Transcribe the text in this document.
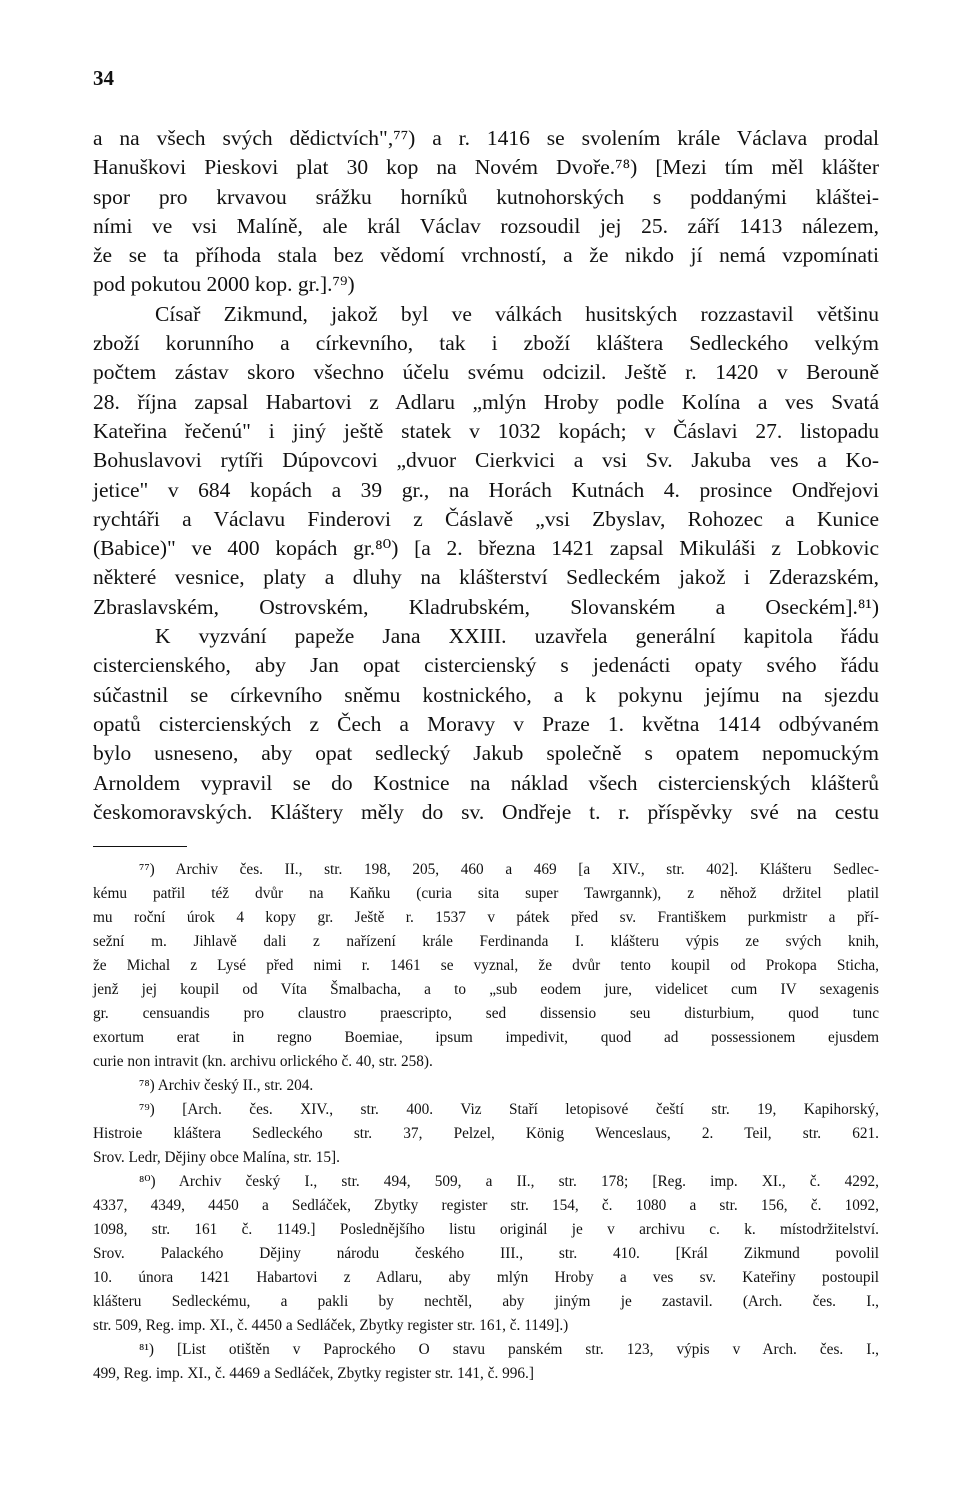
34
a na všech svých dědictvích",⁷⁷) a r. 1416 se svolením krále Václava prodal
Hanuškovi Pieskovi plat 30 kop na Novém Dvoře.⁷⁸) [Mezi tím měl klášter
spor pro krvavou srážku horníků kutnohorských s poddanými kláštei-
ními ve vsi Malíně, ale král Václav rozsoudil jej 25. září 1413 nálezem,
že se ta příhoda stala bez vědomí vrchností, a že nikdo jí nemá vzpomínati
pod pokutou 2000 kop. gr.].⁷⁹)
Císař Zikmund, jakož byl ve válkách husitských rozzastavil většinu
zboží korunního a církevního, tak i zboží kláštera Sedleckého velkým
počtem zástav skoro všechno účelu svému odcizil. Ještě r. 1420 v Berouně
28. října zapsal Habartovi z Adlaru „mlýn Hroby podle Kolína a ves Svatá
Kateřina řečenú" i jiný ještě statek v 1032 kopách; v Čáslavi 27. listopadu
Bohuslavovi rytíři Dúpovcovi „dvuor Cierkvici a vsi Sv. Jakuba ves a Ko-
jetice" v 684 kopách a 39 gr., na Horách Kutnách 4. prosince Ondřejovi
rychtáři a Václavu Finderovi z Čáslavě „vsi Zbyslav, Rohozec a Kunice
(Babice)" ve 400 kopách gr.⁸⁰) [a 2. března 1421 zapsal Mikuláši z Lobkovic
některé vesnice, platy a dluhy na klášterství Sedleckém jakož i Zderazském,
Zbraslavském, Ostrovském, Kladrubském, Slovanském a Oseckém].⁸¹)
K vyzvání papeže Jana XXIII. uzavřela generální kapitola řádu
cisterciensk​ého, aby Jan opat cisterciensk​ý s jedenácti opaty svého řádu
súčastnil se církevního sněmu kostnického, a k pokynu jejímu na sjezdu
opatů cisterciensk​ých z Čech a Moravy v Praze 1. května 1414 odbývaném
bylo usneseno, aby opat sedlecký Jakub společně s opatem nepomuckým
Arnoldem vypravil se do Kostnice na náklad všech cisterciensk​ých klášterů
českomoravských. Kláštery měly do sv. Ondřeje t. r. příspěvky své na cestu
⁷⁷) Archiv čes. II., str. 198, 205, 460 a 469 [a XIV., str. 402]. Klášteru Sedlec-
kému patřil též dvůr na Kaňku (curia sita super Tawrgannk), z něhož držitel platil
mu roční úrok 4 kopy gr. Ještě r. 1537 v pátek před sv. Františkem purkmistr a pří-
sežní m. Jihlavě dali z nařízení krále Ferdinanda I. klášteru výpis ze svých knih,
že Michal z Lysé před nimi r. 1461 se vyznal, že dvůr tento koupil od Prokopa Sticha,
jenž jej koupil od Víta Šmalbacha, a to „sub eodem jure, videlicet cum IV sexagenis
gr. censuandis pro claustro praescripto, sed dissensio seu disturbium, quod tunc
exortum erat in regno Boemiae, ipsum impedivit, quod ad possessionem ejusdem
curie non intravit (kn. archivu orlického č. 40, str. 258).
⁷⁸) Archiv český II., str. 204.
⁷⁹) [Arch. čes. XIV., str. 400. Viz Staří letopisové čeští str. 19, Kapihorský,
Histroie kláštera Sedleckého str. 37, Pelzel, König Wenceslaus, 2. Teil, str. 621.
Srov. Ledr, Dějiny obce Malína, str. 15].
⁸⁰) Archiv český I., str. 494, 509, a II., str. 178; [Reg. imp. XI., č. 4292,
4337, 4349, 4450 a Sedláček, Zbytky register str. 154, č. 1080 a str. 156, č. 1092,
1098, str. 161 č. 1149.] Poslednějšího listu originál je v archivu c. k. místodržitelství.
Srov. Palackého Dějiny národu českého III., str. 410. [Král Zikmund povolil
10. února 1421 Habartovi z Adlaru, aby mlýn Hroby a ves sv. Kateřiny postoupil
klášteru Sedleckému, a pakli by nechtěl, aby jiným je zastavil. (Arch. čes. I.,
str. 509, Reg. imp. XI., č. 4450 a Sedláček, Zbytky register str. 161, č. 1149].)
⁸¹) [List otištěn v Paprockého O stavu panském str. 123, výpis v Arch. čes. I.,
499, Reg. imp. XI., č. 4469 a Sedláček, Zbytky register str. 141, č. 996.]
